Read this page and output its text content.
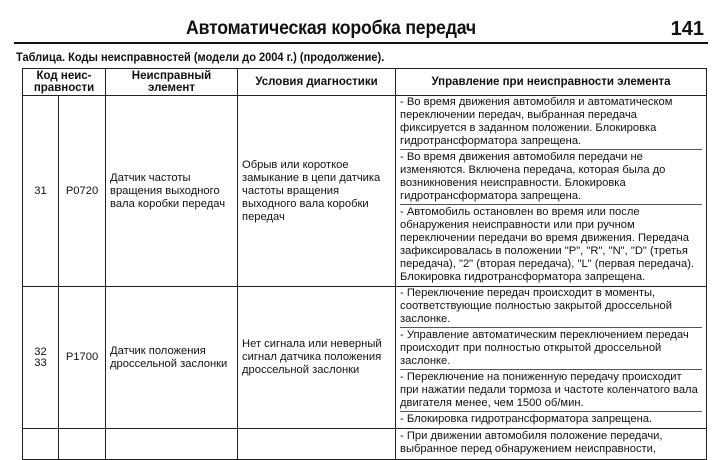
Автоматическая коробка передач	141
Таблица. Коды неисправностей (модели до 2004 г.) (продолжение).
Код неис-правности		Неисправный элемент	Условия диагностики	Управление при неисправности элемента

31	P0720	Датчик частоты вращения выходного вала коробки передач	Обрыв или короткое замыкание в цепи датчика частоты вращения выходного вала коробки передач	- Во время движения автомобиля и автоматическом переключении передач, выбранная передача фиксируется в заданном положении. Блокировка гидротрансформатора запрещена.
- Во время движения автомобиля передачи не изменяются. Включена передача, которая была до возникновения неисправности. Блокировка гидротрансформатора запрещена.
- Автомобиль остановлен во время или после обнаружения неисправности или при ручном переключении передачи во время движения. Передача зафиксировалась в положении "P", "R", "N", "D" (третья передача), "2" (вторая передача), "L" (первая передача). Блокировка гидротрансформатора запрещена.

32
33	P1700	Датчик положения дроссельной заслонки	Нет сигнала или неверный сигнал датчика положения дроссельной заслонки	
- Переключение передач происходит в моменты, соответствующие полностью закрытой дроссельной заслонке.
- Управление автоматическим переключением передач происходит при полностью открытой дроссельной заслонке.
- Переключение на пониженную передачу происходит при нажатии педали тормоза и частоте коленчатого вала двигателя менее, чем 1500 об/мин.
- Блокировка гидротрансформатора запрещена.

				- При движении автомобиля положение передачи, выбранное перед обнаружением неисправности,
